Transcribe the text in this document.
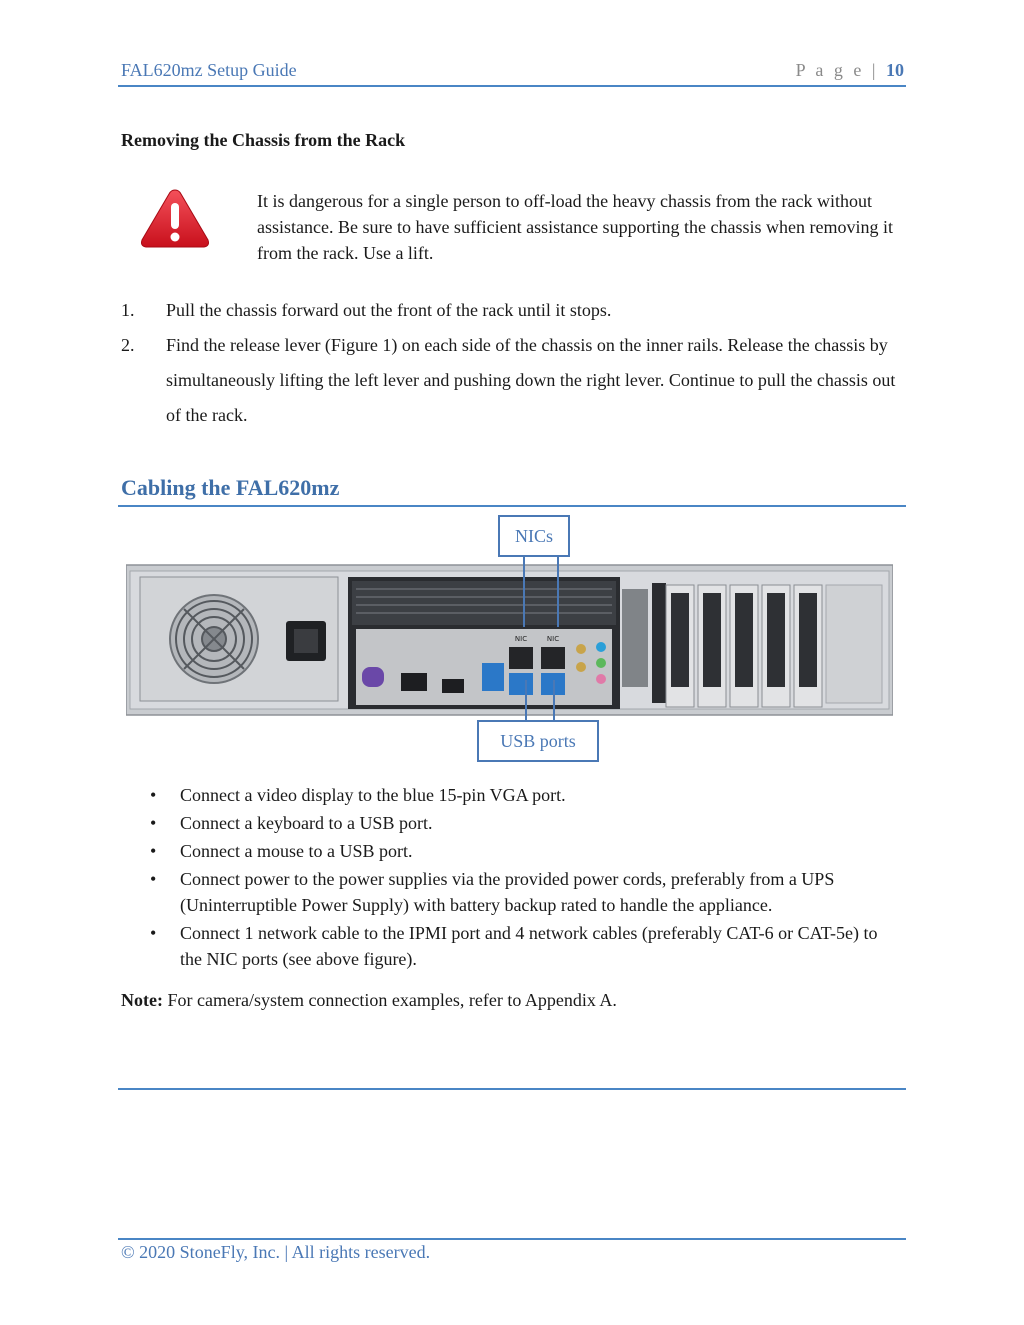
FAL620mz Setup Guide	P a g e | 10
Removing the Chassis from the Rack
It is dangerous for a single person to off-load the heavy chassis from the rack without assistance. Be sure to have sufficient assistance supporting the chassis when removing it from the rack. Use a lift.
1. Pull the chassis forward out the front of the rack until it stops.
2. Find the release lever (Figure 1) on each side of the chassis on the inner rails. Release the chassis by simultaneously lifting the left lever and pushing down the right lever. Continue to pull the chassis out of the rack.
Cabling the FAL620mz
NIC	NIC
NICs
USB ports
• Connect a video display to the blue 15-pin VGA port.
• Connect a keyboard to a USB port.
• Connect a mouse to a USB port.
• Connect power to the power supplies via the provided power cords, preferably from a UPS (Uninterruptible Power Supply) with battery backup rated to handle the appliance.
• Connect 1 network cable to the IPMI port and 4 network cables (preferably CAT-6 or CAT-5e) to the NIC ports (see above figure).
Note: For camera/system connection examples, refer to Appendix A.
© 2020 StoneFly, Inc. | All rights reserved.
